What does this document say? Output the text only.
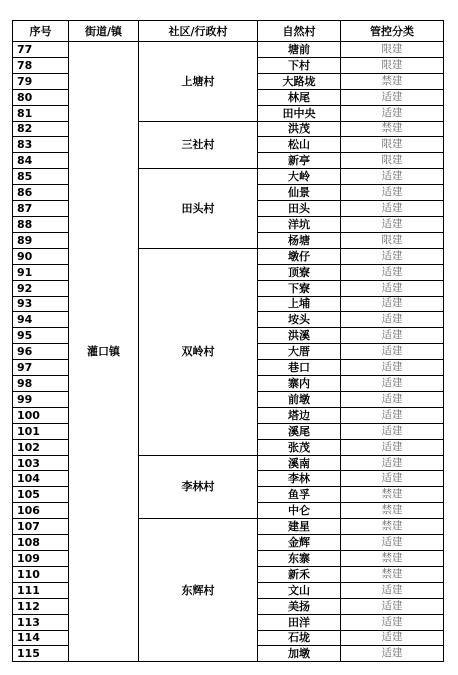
序号	街道/镇	社区/行政村	自然村	管控分类
77	灌口镇	上塘村	塘前	限建
78			下村	限建
79			大路垅	禁建
80			林尾	适建
81			田中央	适建
82		三社村	洪茂	禁建
83			松山	限建
84			新亭	限建
85		田头村	大岭	适建
86			仙景	适建
87			田头	适建
88			洋坑	适建
89			杨塘	限建
90		双岭村	墩仔	适建
91			顶寮	适建
92			下寮	适建
93			上埔	适建
94			垵头	适建
95			洪溪	适建
96			大厝	适建
97			巷口	适建
98			寨内	适建
99			前墩	适建
100			塔边	适建
101			溪尾	适建
102			张茂	适建
103		李林村	溪南	适建
104			李林	适建
105			鱼孚	禁建
106			中仑	禁建
107		东辉村	建星	禁建
108			金辉	适建
109			东寨	禁建
110			新禾	禁建
111			文山	适建
112			美扬	适建
113			田洋	适建
114			石垅	适建
115			加墩	适建
